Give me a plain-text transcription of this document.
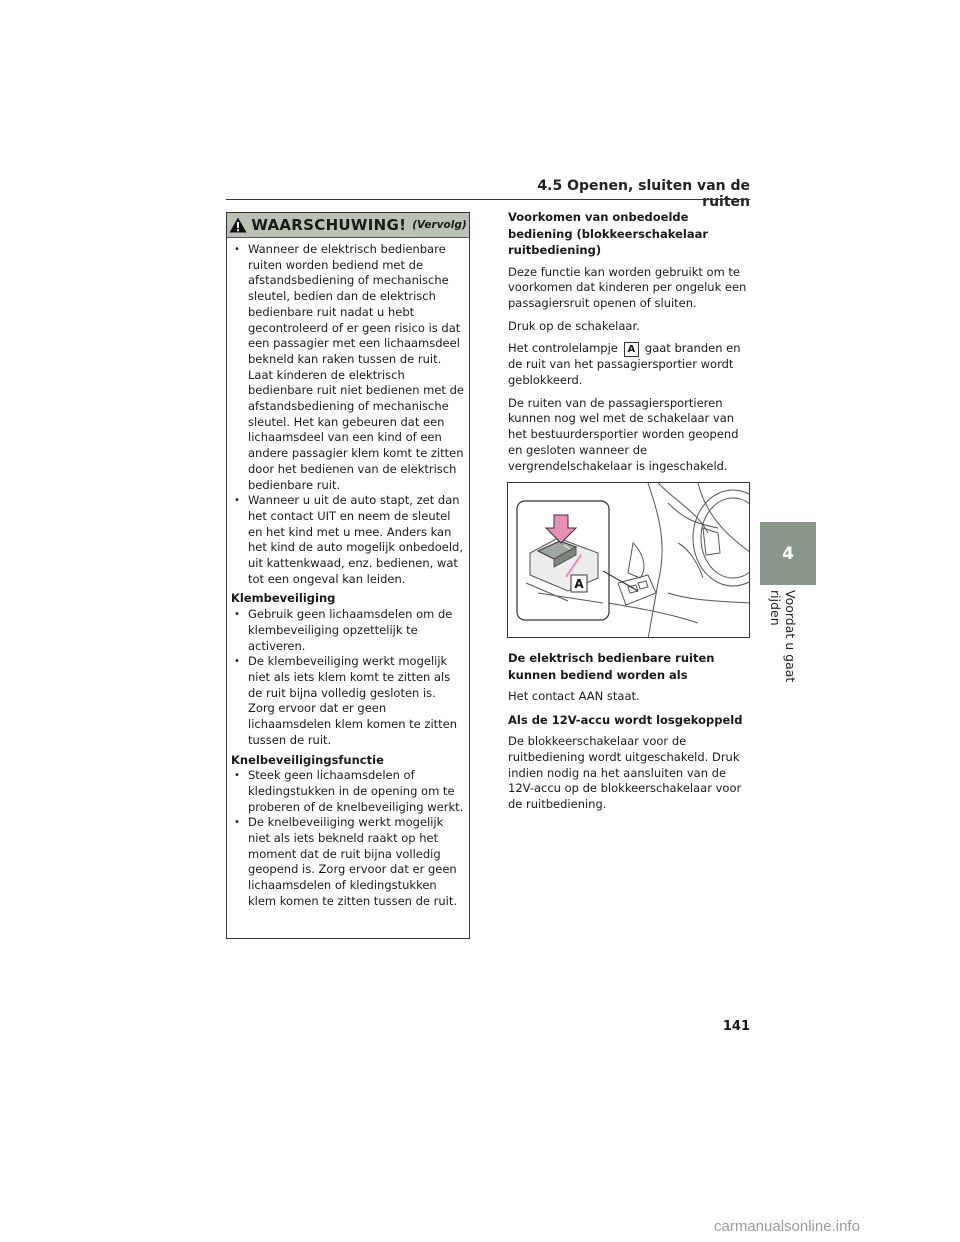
4.5 Openen, sluiten van de ruiten
WAARSCHUWING! (Vervolg)
• Wanneer de elektrisch bedienbare ruiten worden bediend met de afstandsbediening of mechanische sleutel, bedien dan de elektrisch bedienbare ruit nadat u hebt gecontroleerd of er geen risico is dat een passagier met een lichaamsdeel bekneld kan raken tussen de ruit. Laat kinderen de elektrisch bedienbare ruit niet bedienen met de afstandsbediening of mechanische sleutel. Het kan gebeuren dat een lichaamsdeel van een kind of een andere passagier klem komt te zitten door het bedienen van de elektrisch bedienbare ruit.
• Wanneer u uit de auto stapt, zet dan het contact UIT en neem de sleutel en het kind met u mee. Anders kan het kind de auto mogelijk onbedoeld, uit kattenkwaad, enz. bedienen, wat tot een ongeval kan leiden.
Klembeveiliging
• Gebruik geen lichaamsdelen om de klembeveiliging opzettelijk te activeren.
• De klembeveiliging werkt mogelijk niet als iets klem komt te zitten als de ruit bijna volledig gesloten is. Zorg ervoor dat er geen lichaamsdelen klem komen te zitten tussen de ruit.
Knelbeveiligingsfunctie
• Steek geen lichaamsdelen of kledingstukken in de opening om te proberen of de knelbeveiliging werkt.
• De knelbeveiliging werkt mogelijk niet als iets bekneld raakt op het moment dat de ruit bijna volledig geopend is. Zorg ervoor dat er geen lichaamsdelen of kledingstukken klem komen te zitten tussen de ruit.
Voorkomen van onbedoelde bediening (blokkeerschakelaar ruitbediening)

Deze functie kan worden gebruikt om te voorkomen dat kinderen per ongeluk een passagiersruit openen of sluiten.

Druk op de schakelaar.

Het controlelampje A gaat branden en de ruit van het passagiersportier wordt geblokkeerd.

De ruiten van de passagiersportieren kunnen nog wel met de schakelaar van het bestuurdersportier worden geopend en gesloten wanneer de vergrendelschakelaar is ingeschakeld.

A
De elektrisch bedienbare ruiten kunnen bediend worden als

Het contact AAN staat.

Als de 12V-accu wordt losgekoppeld

De blokkeerschakelaar voor de ruitbediening wordt uitgeschakeld. Druk indien nodig na het aansluiten van de 12V-accu op de blokkeerschakelaar voor de ruitbediening.

4
Voordat u gaat rijden
141
carmanualsonline.info
